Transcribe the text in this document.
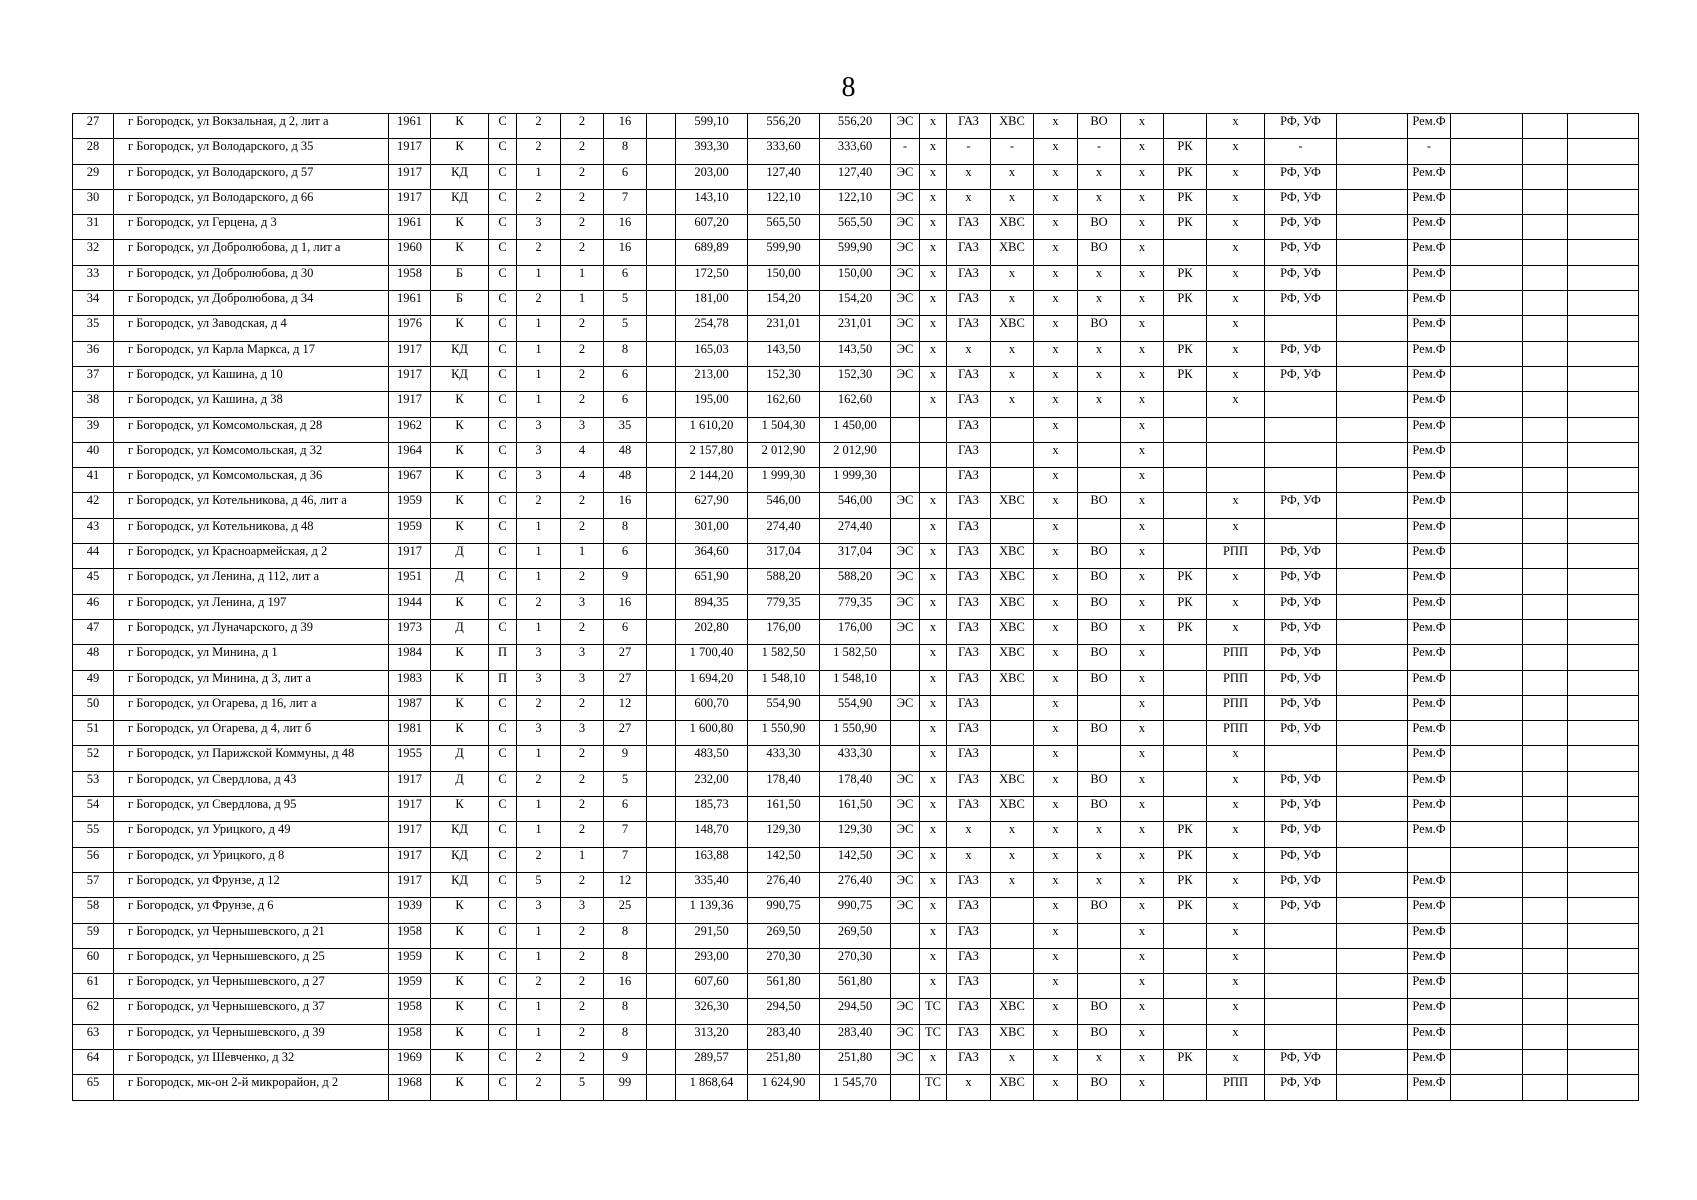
8
27	г Богородск, ул Вокзальная, д 2, лит а	1961	К	С	2	2	16		599,10	556,20	556,20	ЭС	х	ГАЗ	ХВС	х	ВО	х		х	РФ, УФ		Рем.Ф			
28	г Богородск, ул Володарского, д 35	1917	К	С	2	2	8		393,30	333,60	333,60	-	х	-	-	х	-	х	РК	х	-		-			
29	г Богородск, ул Володарского, д 57	1917	КД	С	1	2	6		203,00	127,40	127,40	ЭС	х	х	х	х	х	х	РК	х	РФ, УФ		Рем.Ф			
30	г Богородск, ул Володарского, д 66	1917	КД	С	2	2	7		143,10	122,10	122,10	ЭС	х	х	х	х	х	х	РК	х	РФ, УФ		Рем.Ф			
31	г Богородск, ул Герцена, д 3	1961	К	С	3	2	16		607,20	565,50	565,50	ЭС	х	ГАЗ	ХВС	х	ВО	х	РК	х	РФ, УФ		Рем.Ф			
32	г Богородск, ул Добролюбова, д 1, лит а	1960	К	С	2	2	16		689,89	599,90	599,90	ЭС	х	ГАЗ	ХВС	х	ВО	х		х	РФ, УФ		Рем.Ф			
33	г Богородск, ул Добролюбова, д 30	1958	Б	С	1	1	6		172,50	150,00	150,00	ЭС	х	ГАЗ	х	х	х	х	РК	х	РФ, УФ		Рем.Ф			
34	г Богородск, ул Добролюбова, д 34	1961	Б	С	2	1	5		181,00	154,20	154,20	ЭС	х	ГАЗ	х	х	х	х	РК	х	РФ, УФ		Рем.Ф			
35	г Богородск, ул Заводская, д 4	1976	К	С	1	2	5		254,78	231,01	231,01	ЭС	х	ГАЗ	ХВС	х	ВО	х		х			Рем.Ф			
36	г Богородск, ул Карла Маркса, д 17	1917	КД	С	1	2	8		165,03	143,50	143,50	ЭС	х	х	х	х	х	х	РК	х	РФ, УФ		Рем.Ф			
37	г Богородск, ул Кашина, д 10	1917	КД	С	1	2	6		213,00	152,30	152,30	ЭС	х	ГАЗ	х	х	х	х	РК	х	РФ, УФ		Рем.Ф			
38	г Богородск, ул Кашина, д 38	1917	К	С	1	2	6		195,00	162,60	162,60		х	ГАЗ	х	х	х	х		х			Рем.Ф			
39	г Богородск, ул Комсомольская, д 28	1962	К	С	3	3	35		1 610,20	1 504,30	1 450,00			ГАЗ		х		х					Рем.Ф			
40	г Богородск, ул Комсомольская, д 32	1964	К	С	3	4	48		2 157,80	2 012,90	2 012,90			ГАЗ		х		х					Рем.Ф			
41	г Богородск, ул Комсомольская, д 36	1967	К	С	3	4	48		2 144,20	1 999,30	1 999,30			ГАЗ		х		х					Рем.Ф			
42	г Богородск, ул Котельникова, д 46, лит а	1959	К	С	2	2	16		627,90	546,00	546,00	ЭС	х	ГАЗ	ХВС	х	ВО	х		х	РФ, УФ		Рем.Ф			
43	г Богородск, ул Котельникова, д 48	1959	К	С	1	2	8		301,00	274,40	274,40		х	ГАЗ		х		х		х			Рем.Ф			
44	г Богородск, ул Красноармейская, д 2	1917	Д	С	1	1	6		364,60	317,04	317,04	ЭС	х	ГАЗ	ХВС	х	ВО	х		РПП	РФ, УФ		Рем.Ф			
45	г Богородск, ул Ленина, д 112, лит а	1951	Д	С	1	2	9		651,90	588,20	588,20	ЭС	х	ГАЗ	ХВС	х	ВО	х	РК	х	РФ, УФ		Рем.Ф			
46	г Богородск, ул Ленина, д 197	1944	К	С	2	3	16		894,35	779,35	779,35	ЭС	х	ГАЗ	ХВС	х	ВО	х	РК	х	РФ, УФ		Рем.Ф			
47	г Богородск, ул Луначарского, д 39	1973	Д	С	1	2	6		202,80	176,00	176,00	ЭС	х	ГАЗ	ХВС	х	ВО	х	РК	х	РФ, УФ		Рем.Ф			
48	г Богородск, ул Минина, д 1	1984	К	П	3	3	27		1 700,40	1 582,50	1 582,50		х	ГАЗ	ХВС	х	ВО	х		РПП	РФ, УФ		Рем.Ф			
49	г Богородск, ул Минина, д 3, лит а	1983	К	П	3	3	27		1 694,20	1 548,10	1 548,10		х	ГАЗ	ХВС	х	ВО	х		РПП	РФ, УФ		Рем.Ф			
50	г Богородск, ул Огарева, д 16, лит а	1987	К	С	2	2	12		600,70	554,90	554,90	ЭС	х	ГАЗ		х		х		РПП	РФ, УФ		Рем.Ф			
51	г Богородск, ул Огарева, д 4, лит б	1981	К	С	3	3	27		1 600,80	1 550,90	1 550,90		х	ГАЗ		х	ВО	х		РПП	РФ, УФ		Рем.Ф			
52	г Богородск, ул Парижской Коммуны, д 48	1955	Д	С	1	2	9		483,50	433,30	433,30		х	ГАЗ		х		х		х			Рем.Ф			
53	г Богородск, ул Свердлова, д 43	1917	Д	С	2	2	5		232,00	178,40	178,40	ЭС	х	ГАЗ	ХВС	х	ВО	х		х	РФ, УФ		Рем.Ф			
54	г Богородск, ул Свердлова, д 95	1917	К	С	1	2	6		185,73	161,50	161,50	ЭС	х	ГАЗ	ХВС	х	ВО	х		х	РФ, УФ		Рем.Ф			
55	г Богородск, ул Урицкого, д 49	1917	КД	С	1	2	7		148,70	129,30	129,30	ЭС	х	х	х	х	х	х	РК	х	РФ, УФ		Рем.Ф			
56	г Богородск, ул Урицкого, д 8	1917	КД	С	2	1	7		163,88	142,50	142,50	ЭС	х	х	х	х	х	х	РК	х	РФ, УФ					
57	г Богородск, ул Фрунзе, д 12	1917	КД	С	5	2	12		335,40	276,40	276,40	ЭС	х	ГАЗ	х	х	х	х	РК	х	РФ, УФ		Рем.Ф			
58	г Богородск, ул Фрунзе, д 6	1939	К	С	3	3	25		1 139,36	990,75	990,75	ЭС	х	ГАЗ		х	ВО	х	РК	х	РФ, УФ		Рем.Ф			
59	г Богородск, ул Чернышевского, д 21	1958	К	С	1	2	8		291,50	269,50	269,50		х	ГАЗ		х		х		х			Рем.Ф			
60	г Богородск, ул Чернышевского, д 25	1959	К	С	1	2	8		293,00	270,30	270,30		х	ГАЗ		х		х		х			Рем.Ф			
61	г Богородск, ул Чернышевского, д 27	1959	К	С	2	2	16		607,60	561,80	561,80		х	ГАЗ		х		х		х			Рем.Ф			
62	г Богородск, ул Чернышевского, д 37	1958	К	С	1	2	8		326,30	294,50	294,50	ЭС	ТС	ГАЗ	ХВС	х	ВО	х		х			Рем.Ф			
63	г Богородск, ул Чернышевского, д 39	1958	К	С	1	2	8		313,20	283,40	283,40	ЭС	ТС	ГАЗ	ХВС	х	ВО	х		х			Рем.Ф			
64	г Богородск, ул Шевченко, д 32	1969	К	С	2	2	9		289,57	251,80	251,80	ЭС	х	ГАЗ	х	х	х	х	РК	х	РФ, УФ		Рем.Ф			
65	г Богородск, мк-он 2-й микрорайон, д 2	1968	К	С	2	5	99		1 868,64	1 624,90	1 545,70		ТС	х	ХВС	х	ВО	х		РПП	РФ, УФ		Рем.Ф			
